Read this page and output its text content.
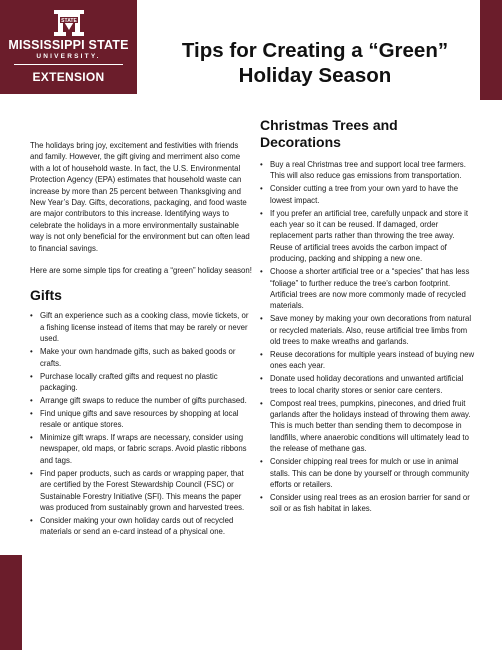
STATE
MISSISSIPPI STATE
UNIVERSITY.
EXTENSION
Tips for Creating a “Green”
Holiday Season

The holidays bring joy, excitement and festivities with friends and family. However, the gift giving and merriment also come with a lot of household waste. In fact, the U.S. Environmental Protection Agency (EPA) estimates that household waste can increase by more than 25 percent between Thanksgiving and New Year’s Day. Gifts, decorations, packaging, and food waste are major contributors to this increase. Identifying ways to celebrate the holidays in a more environmentally sustainable way is not only beneficial for the environment but can often lead to financial savings.

Here are some simple tips for creating a “green” holiday season!

Gifts
• Gift an experience such as a cooking class, movie tickets, or a fishing license instead of items that may be rarely or never used.
• Make your own handmade gifts, such as baked goods or crafts.
• Purchase locally crafted gifts and request no plastic packaging.
• Arrange gift swaps to reduce the number of gifts purchased.
• Find unique gifts and save resources by shopping at local resale or antique stores.
• Minimize gift wraps. If wraps are necessary, consider using newspaper, old maps, or fabric scraps. Avoid plastic ribbons and tags.
• Find paper products, such as cards or wrapping paper, that are certified by the Forest Stewardship Council (FSC) or Sustainable Forestry Initiative (SFI). This means the paper was produced from sustainably grown and harvested trees.
• Consider making your own holiday cards out of recycled materials or send an e-card instead of a physical one.
Christmas Trees and Decorations
• Buy a real Christmas tree and support local tree farmers. This will also reduce gas emissions from transportation.
• Consider cutting a tree from your own yard to have the lowest impact.
• If you prefer an artificial tree, carefully unpack and store it each year so it can be reused. If damaged, order replacement parts rather than throwing the tree away. Reuse of artificial trees avoids the carbon impact of producing, packing and shipping a new one.
• Choose a shorter artificial tree or a “species” that has less “foliage” to further reduce the tree’s carbon footprint. Artificial trees are now more commonly made of recycled materials.
• Save money by making your own decorations from natural or recycled materials. Also, reuse artificial tree limbs from old trees to make wreaths and garlands.
• Reuse decorations for multiple years instead of buying new ones each year.
• Donate used holiday decorations and unwanted artificial trees to local charity stores or senior care centers.
• Compost real trees, pumpkins, pinecones, and dried fruit garlands after the holidays instead of throwing them away. This is much better than sending them to decompose in landfills, where anaerobic conditions will ultimately lead to the release of methane gas.
• Consider chipping real trees for mulch or use in animal stalls. This can be done by yourself or through community efforts or retailers.
• Consider using real trees as an erosion barrier for sand or soil or as fish habitat in lakes.
